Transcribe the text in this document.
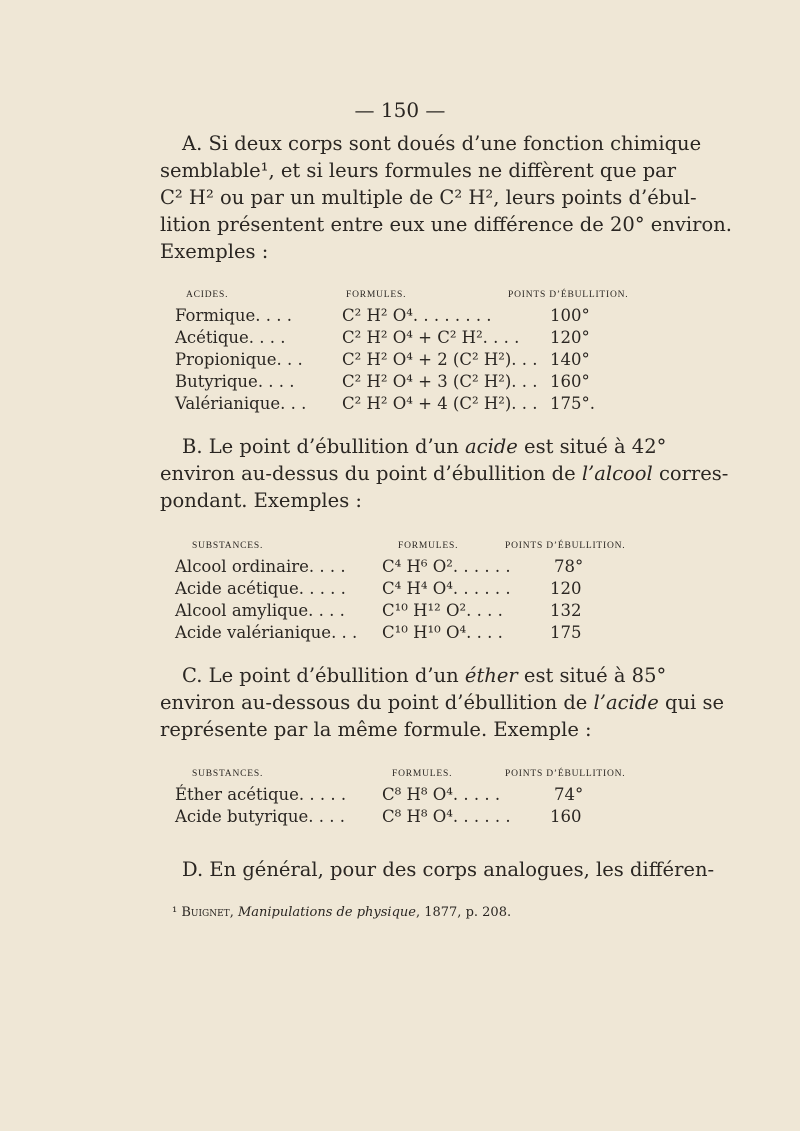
— 150 —

A. Si deux corps sont doués d’une fonction chimique
semblable¹, et si leurs formules ne diffèrent que par
C² H² ou par un multiple de C² H², leurs points d’ébul-
lition présentent entre eux une différence de 20° environ.
Exemples :

ACIDES.	FORMULES.	POINTS D’ÉBULLITION.
Formique. . . .	C² H² O⁴. . . . . . . .	100°
Acétique. . . .	C² H² O⁴ + C² H². . . . 120°
Propionique. . . C² H² O⁴ + 2 (C² H²). . . 140°
Butyrique. . . .	C² H² O⁴ + 3 (C² H²). . . 160°
Valérianique. . . C² H² O⁴ + 4 (C² H²). . . 175°.

B. Le point d’ébullition d’un acide est situé à 42°
environ au-dessus du point d’ébullition de l’alcool corres-
pondant. Exemples :

SUBSTANCES.	FORMULES.	POINTS D’ÉBULLITION.
Alcool ordinaire. . . . C⁴ H⁶ O². . . . . .	78°
Acide acétique. . . . . C⁴ H⁴ O⁴. . . . . . 120
Alcool amylique. . . . C¹⁰ H¹² O². . . .	132
Acide valérianique. . . C¹⁰ H¹⁰ O⁴. . . .	175

C. Le point d’ébullition d’un éther est situé à 85°
environ au-dessous du point d’ébullition de l’acide qui se
représente par la même formule. Exemple :

SUBSTANCES.	FORMULES.	POINTS D’ÉBULLITION.
Éther acétique. . . . . C⁸ H⁸ O⁴. . . . .	74°
Acide butyrique. . . . C⁸ H⁸ O⁴. . . . . . 160

D. En général, pour des corps analogues, les différen-

¹ Buignet, Manipulations de physique, 1877, p. 208.
